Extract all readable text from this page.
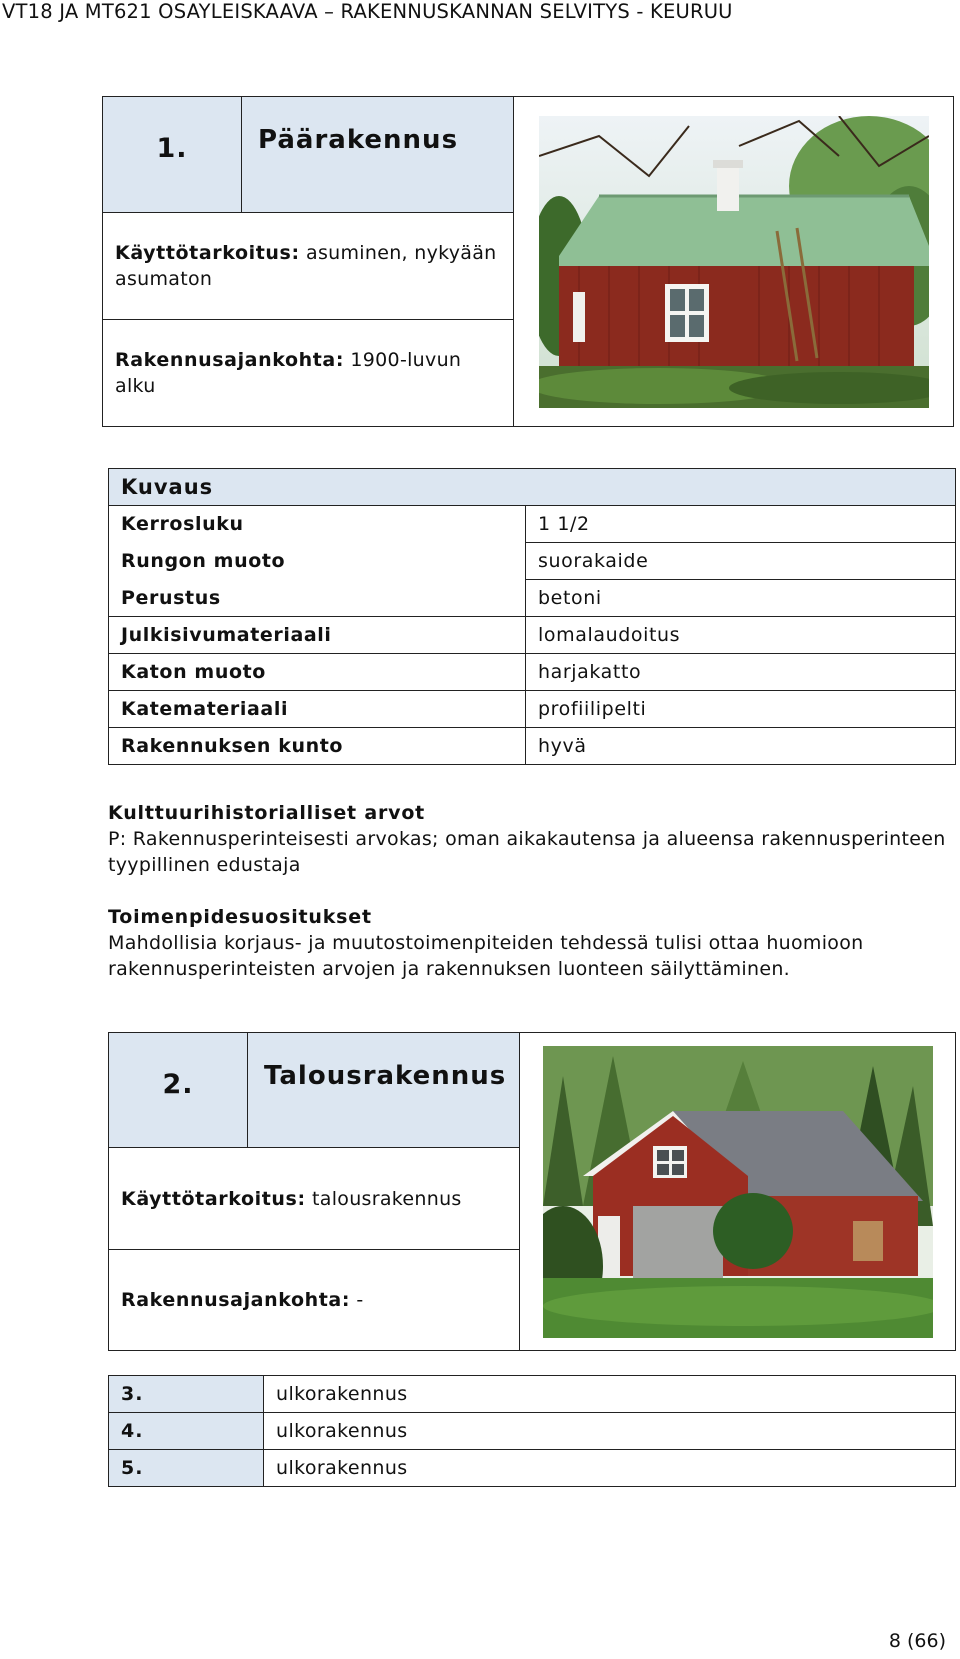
VT18 JA MT621 OSAYLEISKAAVA – RAKENNUSKANNAN SELVITYS - KEURUU
1.	Päärakennus	

Käyttötarkoitus: asuminen, nykyään asumaton
Rakennusajankohta: 1900-luvun alku
Kuvaus	
Kerrosluku	1 1/2
Rungon muoto	suorakaide
Perustus	betoni
Julkisivumateriaali	lomalaudoitus
Katon muoto	harjakatto
Katemateriaali	profiilipelti
Rakennuksen kunto	hyvä
Kulttuurihistorialliset arvot
P: Rakennusperinteisesti arvokas; oman aikakautensa ja alueensa rakennusperinteen tyypillinen edustaja
Toimenpidesuositukset
Mahdollisia korjaus- ja muutostoimenpiteiden tehdessä tulisi ottaa huomioon rakennusperinteisten arvojen ja rakennuksen luonteen säilyttäminen.
2.	Talousrakennus	

Käyttötarkoitus: talousrakennus
Rakennusajankohta: -
3.	ulkorakennus
4.	ulkorakennus
5.	ulkorakennus
8 (66)
